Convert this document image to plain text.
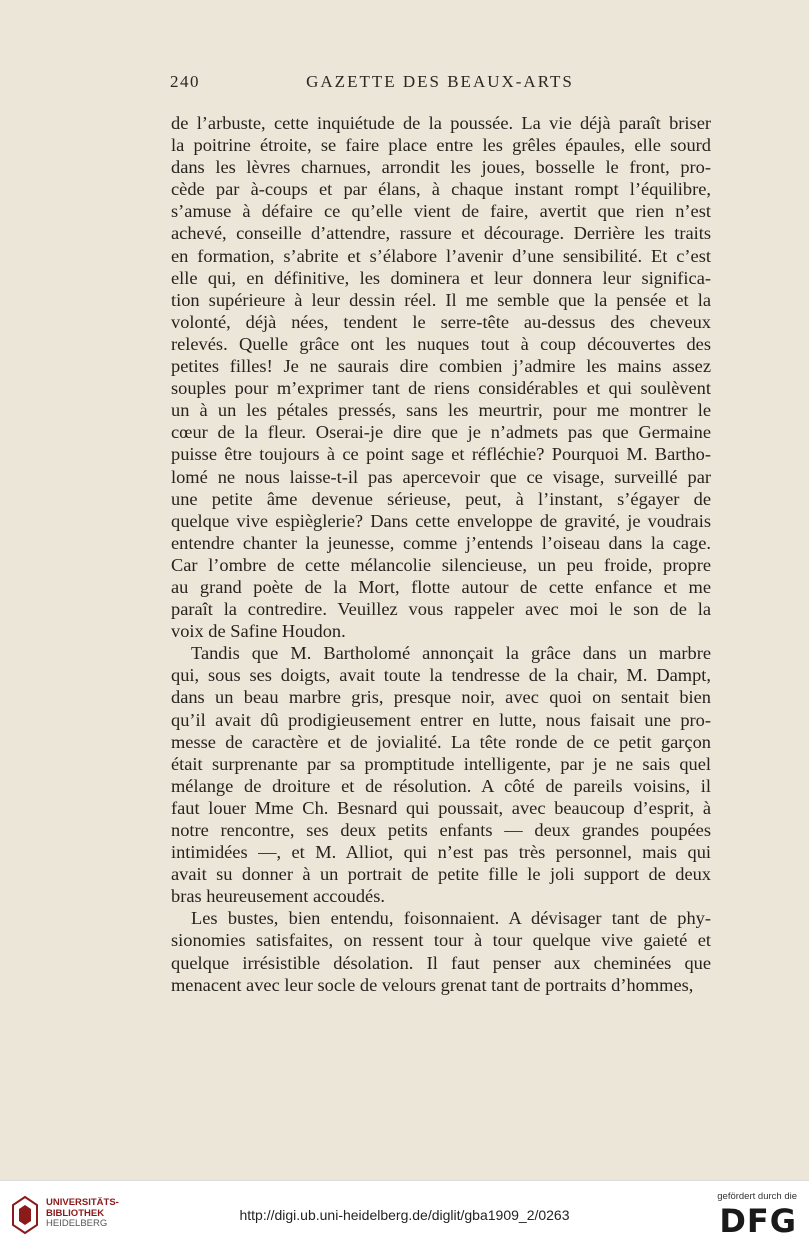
240	GAZETTE DES BEAUX-ARTS
de l’arbuste, cette inquiétude de la poussée. La vie déjà paraît briser
la poitrine étroite, se faire place entre les grêles épaules, elle sourd
dans les lèvres charnues, arrondit les joues, bosselle le front, pro-
cède par à-coups et par élans, à chaque instant rompt l’équilibre,
s’amuse à défaire ce qu’elle vient de faire, avertit que rien n’est
achevé, conseille d’attendre, rassure et décourage. Derrière les traits
en formation, s’abrite et s’élabore l’avenir d’une sensibilité. Et c’est
elle qui, en définitive, les dominera et leur donnera leur significa-
tion supérieure à leur dessin réel. Il me semble que la pensée et la
volonté, déjà nées, tendent le serre-tête au-dessus des cheveux
relevés. Quelle grâce ont les nuques tout à coup découvertes des
petites filles! Je ne saurais dire combien j’admire les mains assez
souples pour m’exprimer tant de riens considérables et qui soulèvent
un à un les pétales pressés, sans les meurtrir, pour me montrer le
cœur de la fleur. Oserai-je dire que je n’admets pas que Germaine
puisse être toujours à ce point sage et réfléchie? Pourquoi M. Bartho-
lomé ne nous laisse-t-il pas apercevoir que ce visage, surveillé par
une petite âme devenue sérieuse, peut, à l’instant, s’égayer de
quelque vive espièglerie? Dans cette enveloppe de gravité, je voudrais
entendre chanter la jeunesse, comme j’entends l’oiseau dans la cage.
Car l’ombre de cette mélancolie silencieuse, un peu froide, propre
au grand poète de la Mort, flotte autour de cette enfance et me
paraît la contredire. Veuillez vous rappeler avec moi le son de la
voix de Safine Houdon.
Tandis que M. Bartholomé annonçait la grâce dans un marbre
qui, sous ses doigts, avait toute la tendresse de la chair, M. Dampt,
dans un beau marbre gris, presque noir, avec quoi on sentait bien
qu’il avait dû prodigieusement entrer en lutte, nous faisait une pro-
messe de caractère et de jovialité. La tête ronde de ce petit garçon
était surprenante par sa promptitude intelligente, par je ne sais quel
mélange de droiture et de résolution. A côté de pareils voisins, il
faut louer Mme Ch. Besnard qui poussait, avec beaucoup d’esprit, à
notre rencontre, ses deux petits enfants — deux grandes poupées
intimidées —, et M. Alliot, qui n’est pas très personnel, mais qui
avait su donner à un portrait de petite fille le joli support de deux
bras heureusement accoudés.
Les bustes, bien entendu, foisonnaient. A dévisager tant de phy-
sionomies satisfaites, on ressent tour à tour quelque vive gaieté et
quelque irrésistible désolation. Il faut penser aux cheminées que
menacent avec leur socle de velours grenat tant de portraits d’hommes,
UNIVERSITÄTS-
BIBLIOTHEK
HEIDELBERG
http://digi.ub.uni-heidelberg.de/diglit/gba1909_2/0263
gefördert durch die
DFG
